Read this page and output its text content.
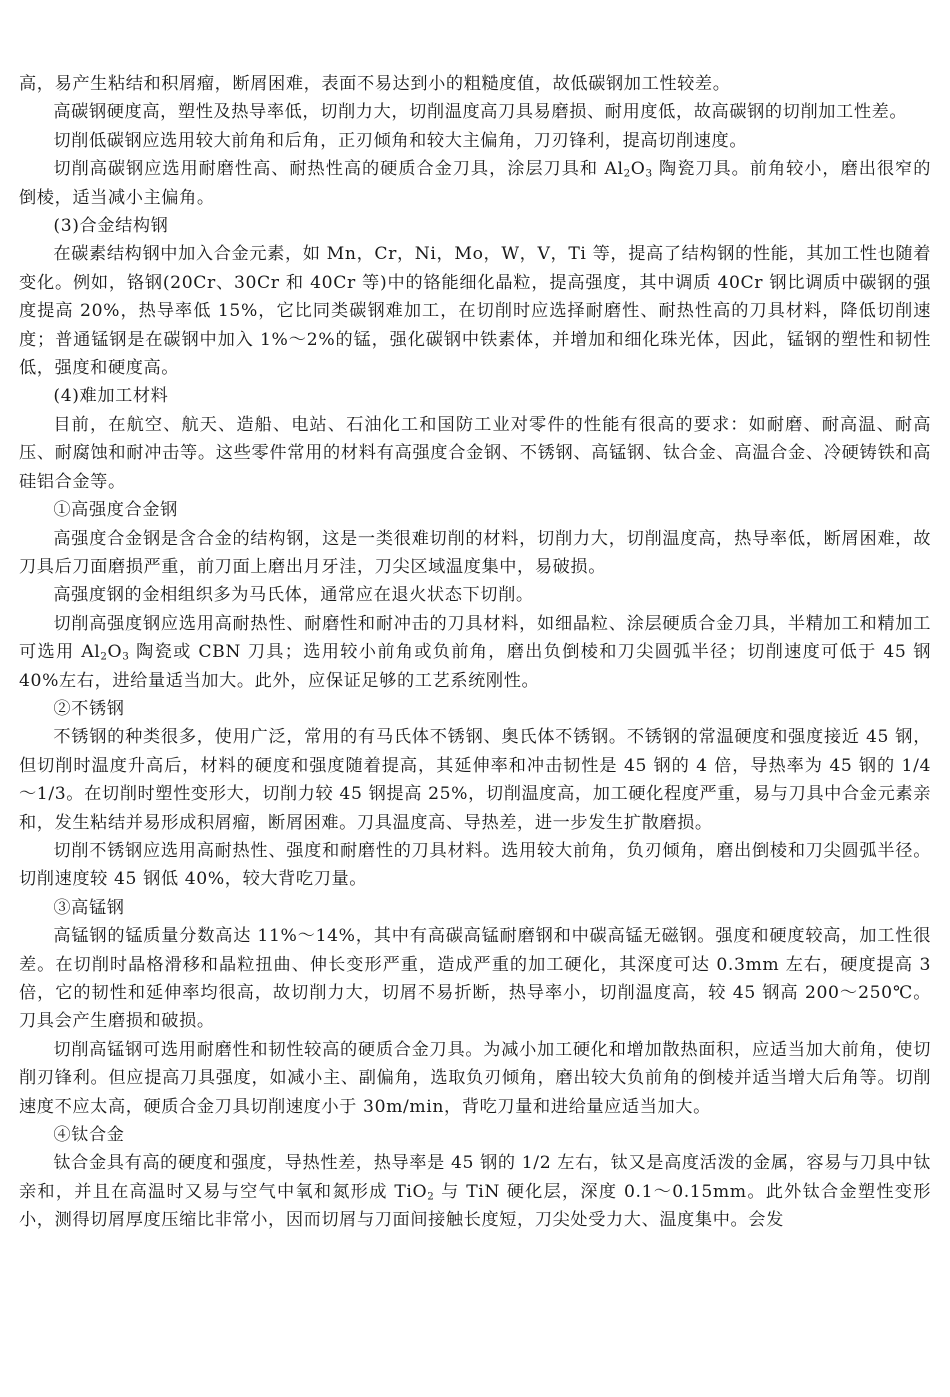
高，易产生粘结和积屑瘤，断屑困难，表面不易达到小的粗糙度值，故低碳钢加工性较差。

高碳钢硬度高，塑性及热导率低，切削力大，切削温度高刀具易磨损、耐用度低，故高碳钢的切削加工性差。

切削低碳钢应选用较大前角和后角，正刃倾角和较大主偏角，刀刃锋利，提高切削速度。

切削高碳钢应选用耐磨性高、耐热性高的硬质合金刀具，涂层刀具和 $Al_2O_3$ 陶瓷刀具。前角较小，磨出很窄的倒棱，适当减小主偏角。

(3)合金结构钢

在碳素结构钢中加入合金元素，如 Mn，Cr，Ni，Mo，W，V，Ti 等，提高了结构钢的性能，其加工性也随着变化。例如，铬钢(20Cr、30Cr 和 40Cr 等)中的铬能细化晶粒，提高强度，其中调质 40Cr 钢比调质中碳钢的强度提高 20%，热导率低 15%，它比同类碳钢难加工，在切削时应选择耐磨性、耐热性高的刀具材料，降低切削速度；普通锰钢是在碳钢中加入 1%～2%的锰，强化碳钢中铁素体，并增加和细化珠光体，因此，锰钢的塑性和韧性低，强度和硬度高。

(4)难加工材料

目前，在航空、航天、造船、电站、石油化工和国防工业对零件的性能有很高的要求：如耐磨、耐高温、耐高压、耐腐蚀和耐冲击等。这些零件常用的材料有高强度合金钢、不锈钢、高锰钢、钛合金、高温合金、冷硬铸铁和高硅铝合金等。

①高强度合金钢

高强度合金钢是含合金的结构钢，这是一类很难切削的材料，切削力大，切削温度高，热导率低，断屑困难，故刀具后刀面磨损严重，前刀面上磨出月牙洼，刀尖区域温度集中，易破损。

高强度钢的金相组织多为马氏体，通常应在退火状态下切削。

切削高强度钢应选用高耐热性、耐磨性和耐冲击的刀具材料，如细晶粒、涂层硬质合金刀具，半精加工和精加工可选用 $Al_2O_3$ 陶瓷或 CBN 刀具；选用较小前角或负前角，磨出负倒棱和刀尖圆弧半径；切削速度可低于 45 钢 40%左右，进给量适当加大。此外，应保证足够的工艺系统刚性。

②不锈钢

不锈钢的种类很多，使用广泛，常用的有马氏体不锈钢、奥氏体不锈钢。不锈钢的常温硬度和强度接近 45 钢，但切削时温度升高后，材料的硬度和强度随着提高，其延伸率和冲击韧性是 45 钢的 4 倍，导热率为 45 钢的 1/4～1/3。在切削时塑性变形大，切削力较 45 钢提高 25%，切削温度高，加工硬化程度严重，易与刀具中合金元素亲和，发生粘结并易形成积屑瘤，断屑困难。刀具温度高、导热差，进一步发生扩散磨损。

切削不锈钢应选用高耐热性、强度和耐磨性的刀具材料。选用较大前角，负刃倾角，磨出倒棱和刀尖圆弧半径。切削速度较 45 钢低 40%，较大背吃刀量。

③高锰钢

高锰钢的锰质量分数高达 11%～14%，其中有高碳高锰耐磨钢和中碳高锰无磁钢。强度和硬度较高，加工性很差。在切削时晶格滑移和晶粒扭曲、伸长变形严重，造成严重的加工硬化，其深度可达 0.3mm 左右，硬度提高 3 倍，它的韧性和延伸率均很高，故切削力大，切屑不易折断，热导率小，切削温度高，较 45 钢高 200～250℃。刀具会产生磨损和破损。

切削高锰钢可选用耐磨性和韧性较高的硬质合金刀具。为减小加工硬化和增加散热面积，应适当加大前角，使切削刃锋利。但应提高刀具强度，如减小主、副偏角，选取负刃倾角，磨出较大负前角的倒棱并适当增大后角等。切削速度不应太高，硬质合金刀具切削速度小于 30m/min，背吃刀量和进给量应适当加大。

④钛合金

钛合金具有高的硬度和强度，导热性差，热导率是 45 钢的 1/2 左右，钛又是高度活泼的金属，容易与刀具中钛亲和，并且在高温时又易与空气中氧和氮形成 TiO$_2$ 与 TiN 硬化层，深度 0.1～0.15mm。此外钛合金塑性变形小，测得切屑厚度压缩比非常小，因而切屑与刀面间接触长度短，刀尖处受力大、温度集中。会发
